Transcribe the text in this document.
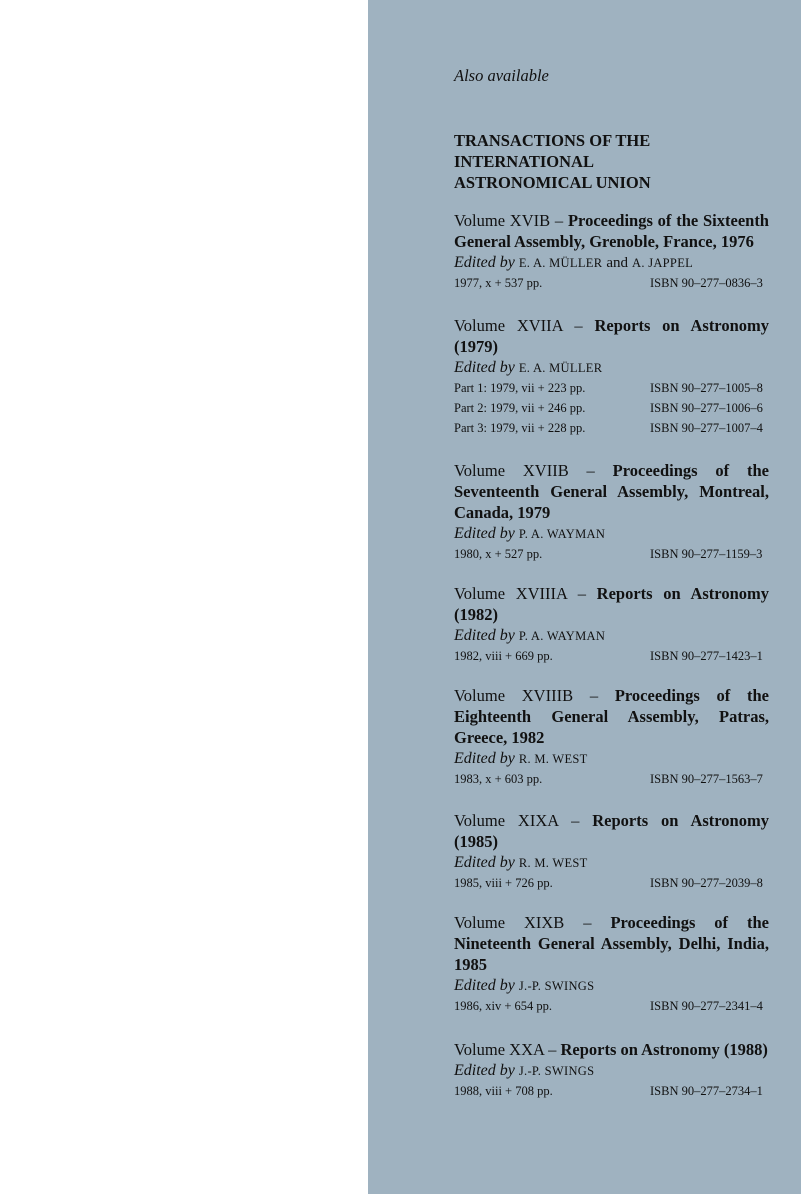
Also available
TRANSACTIONS OF THE
INTERNATIONAL
ASTRONOMICAL UNION
Volume XVIB – Proceedings of the Sixteenth General Assembly, Grenoble, France, 1976
Edited by E. A. MÜLLER and A. JAPPEL
1977, x + 537 pp.	ISBN 90–277–0836–3
Volume XVIIA – Reports on Astronomy (1979)
Edited by E. A. MÜLLER
Part 1: 1979, vii + 223 pp.	ISBN 90–277–1005–8
Part 2: 1979, vii + 246 pp.	ISBN 90–277–1006–6
Part 3: 1979, vii + 228 pp.	ISBN 90–277–1007–4
Volume XVIIB – Proceedings of the Seventeenth General Assembly, Montreal, Canada, 1979
Edited by P. A. WAYMAN
1980, x + 527 pp.	ISBN 90–277–1159–3
Volume XVIIIA – Reports on Astronomy (1982)
Edited by P. A. WAYMAN
1982, viii + 669 pp.	ISBN 90–277–1423–1
Volume XVIIIB – Proceedings of the Eighteenth General Assembly, Patras, Greece, 1982
Edited by R. M. WEST
1983, x + 603 pp.	ISBN 90–277–1563–7
Volume XIXA – Reports on Astronomy (1985)
Edited by R. M. WEST
1985, viii + 726 pp.	ISBN 90–277–2039–8
Volume XIXB – Proceedings of the Nineteenth General Assembly, Delhi, India, 1985
Edited by J.-P. SWINGS
1986, xiv + 654 pp.	ISBN 90–277–2341–4
Volume XXA – Reports on Astronomy (1988)
Edited by J.-P. SWINGS
1988, viii + 708 pp.	ISBN 90–277–2734–1
